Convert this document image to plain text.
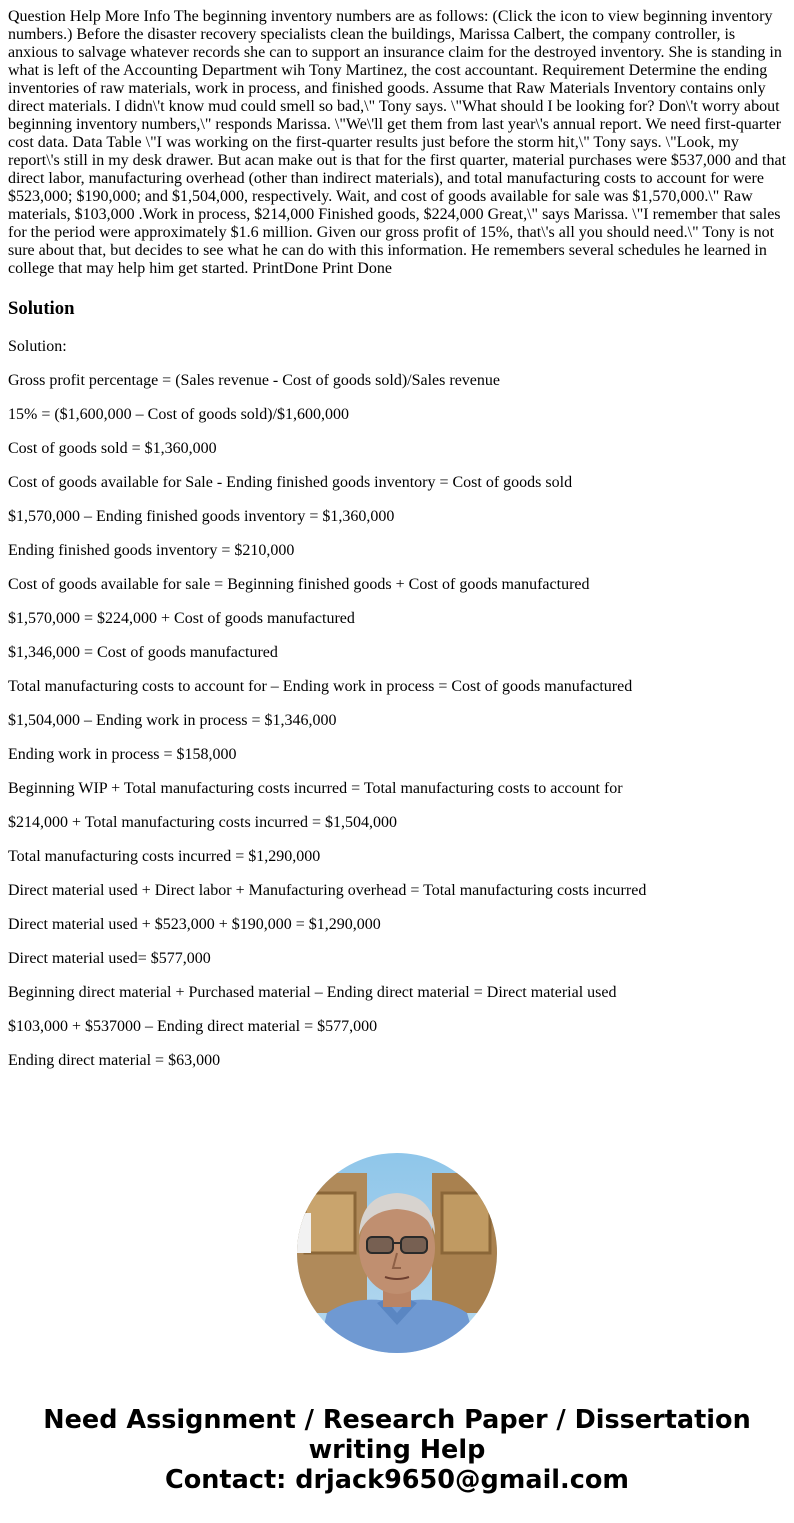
Question Help More Info The beginning inventory numbers are as follows: (Click the icon to view beginning inventory numbers.) Before the disaster recovery specialists clean the buildings, Marissa Calbert, the company controller, is anxious to salvage whatever records she can to support an insurance claim for the destroyed inventory. She is standing in what is left of the Accounting Department wih Tony Martinez, the cost accountant. Requirement Determine the ending inventories of raw materials, work in process, and finished goods. Assume that Raw Materials Inventory contains only direct materials. I didn\'t know mud could smell so bad,\" Tony says. \"What should I be looking for? Don\'t worry about beginning inventory numbers,\" responds Marissa. \"We\'ll get them from last year\'s annual report. We need first-quarter cost data. Data Table \"I was working on the first-quarter results just before the storm hit,\" Tony says. \"Look, my report\'s still in my desk drawer. But acan make out is that for the first quarter, material purchases were $537,000 and that direct labor, manufacturing overhead (other than indirect materials), and total manufacturing costs to account for were $523,000; $190,000; and $1,504,000, respectively. Wait, and cost of goods available for sale was $1,570,000.\" Raw materials, $103,000 .Work in process, $214,000 Finished goods, $224,000 Great,\" says Marissa. \"I remember that sales for the period were approximately $1.6 million. Given our gross profit of 15%, that\'s all you should need.\" Tony is not sure about that, but decides to see what he can do with this information. He remembers several schedules he learned in college that may help him get started. PrintDone Print Done

Solution

Solution:

Gross profit percentage = (Sales revenue - Cost of goods sold)/Sales revenue

15% = ($1,600,000 – Cost of goods sold)/$1,600,000

Cost of goods sold = $1,360,000

Cost of goods available for Sale - Ending finished goods inventory = Cost of goods sold

$1,570,000 – Ending finished goods inventory = $1,360,000

Ending finished goods inventory = $210,000

Cost of goods available for sale = Beginning finished goods + Cost of goods manufactured

$1,570,000 = $224,000 + Cost of goods manufactured

$1,346,000 = Cost of goods manufactured

Total manufacturing costs to account for – Ending work in process = Cost of goods manufactured

$1,504,000 – Ending work in process = $1,346,000

Ending work in process = $158,000

Beginning WIP + Total manufacturing costs incurred = Total manufacturing costs to account for

$214,000 + Total manufacturing costs incurred = $1,504,000

Total manufacturing costs incurred = $1,290,000

Direct material used + Direct labor + Manufacturing overhead = Total manufacturing costs incurred

Direct material used + $523,000 + $190,000 = $1,290,000

Direct material used= $577,000

Beginning direct material + Purchased material – Ending direct material = Direct material used

$103,000 + $537000 – Ending direct material = $577,000

Ending direct material = $63,000

Need Assignment / Research Paper / Dissertation
writing Help
Contact: drjack9650@gmail.com
